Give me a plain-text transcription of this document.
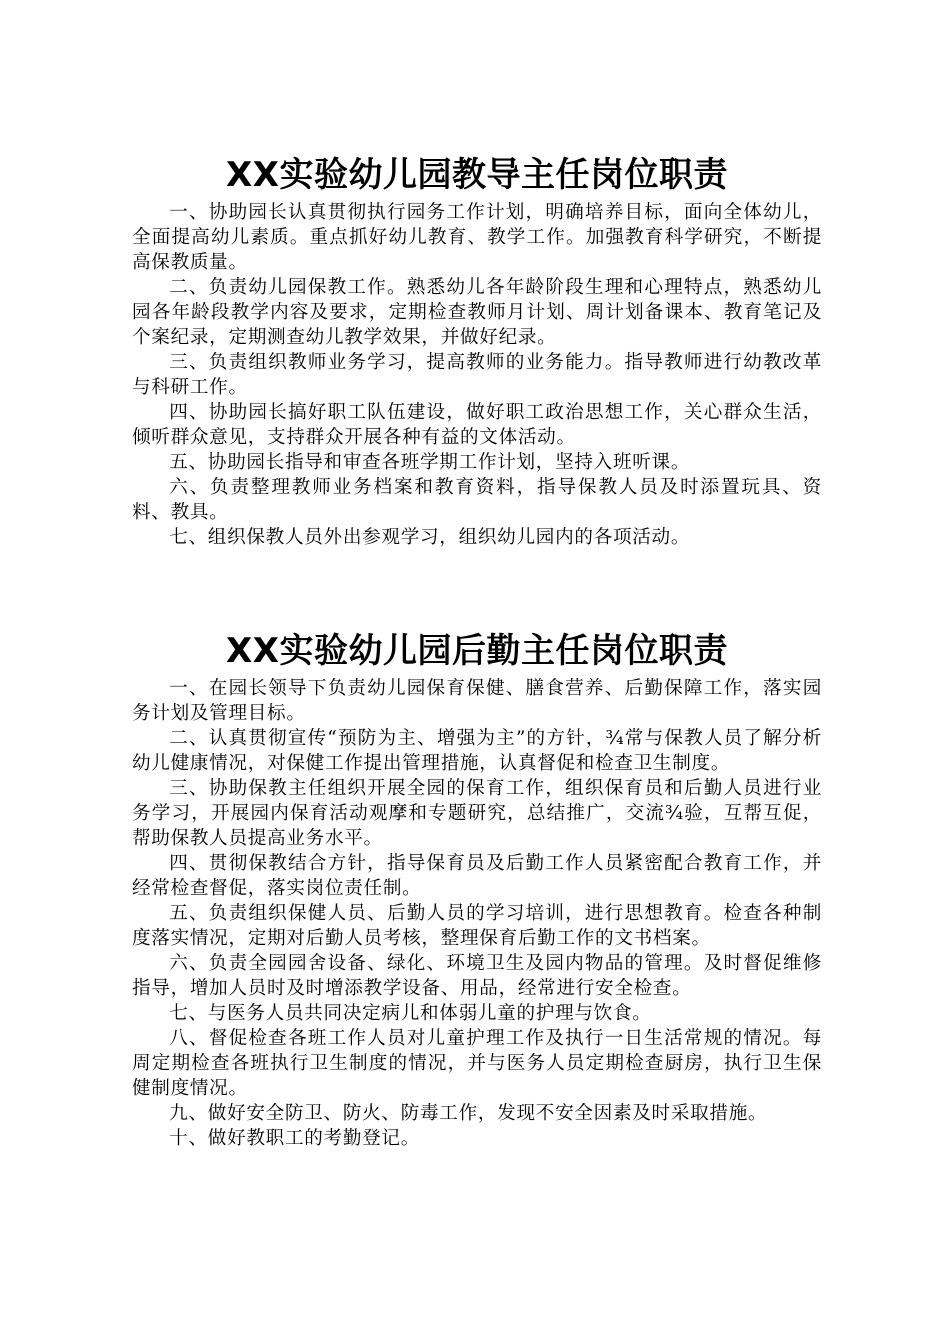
XX实验幼儿园教导主任岗位职责

一、协助园长认真贯彻执行园务工作计划，明确培养目标，面向全体幼儿，全面提高幼儿素质。重点抓好幼儿教育、教学工作。加强教育科学研究，不断提高保教质量。

二、负责幼儿园保教工作。熟悉幼儿各年龄阶段生理和心理特点，熟悉幼儿园各年龄段教学内容及要求，定期检查教师月计划、周计划备课本、教育笔记及个案纪录，定期测查幼儿教学效果，并做好纪录。

三、负责组织教师业务学习，提高教师的业务能力。指导教师进行幼教改革与科研工作。

四、协助园长搞好职工队伍建设，做好职工政治思想工作，关心群众生活，倾听群众意见，支持群众开展各种有益的文体活动。

五、协助园长指导和审查各班学期工作计划，坚持入班听课。

六、负责整理教师业务档案和教育资料，指导保教人员及时添置玩具、资料、教具。

七、组织保教人员外出参观学习，组织幼儿园内的各项活动。

XX实验幼儿园后勤主任岗位职责

一、在园长领导下负责幼儿园保育保健、膳食营养、后勤保障工作，落实园务计划及管理目标。

二、认真贯彻宣传“预防为主、增强为主”的方针，¾常与保教人员了解分析幼儿健康情况，对保健工作提出管理措施，认真督促和检查卫生制度。

三、协助保教主任组织开展全园的保育工作，组织保育员和后勤人员进行业务学习，开展园内保育活动观摩和专题研究，总结推广，交流¾验，互帮互促，帮助保教人员提高业务水平。

四、贯彻保教结合方针，指导保育员及后勤工作人员紧密配合教育工作，并经常检查督促，落实岗位责任制。

五、负责组织保健人员、后勤人员的学习培训，进行思想教育。检查各种制度落实情况，定期对后勤人员考核，整理保育后勤工作的文书档案。

六、负责全园园舍设备、绿化、环境卫生及园内物品的管理。及时督促维修指导，增加人员时及时增添教学设备、用品，经常进行安全检查。

七、与医务人员共同决定病儿和体弱儿童的护理与饮食。

八、督促检查各班工作人员对儿童护理工作及执行一日生活常规的情况。每周定期检查各班执行卫生制度的情况，并与医务人员定期检查厨房，执行卫生保健制度情况。

九、做好安全防卫、防火、防毒工作，发现不安全因素及时采取措施。

十、做好教职工的考勤登记。
